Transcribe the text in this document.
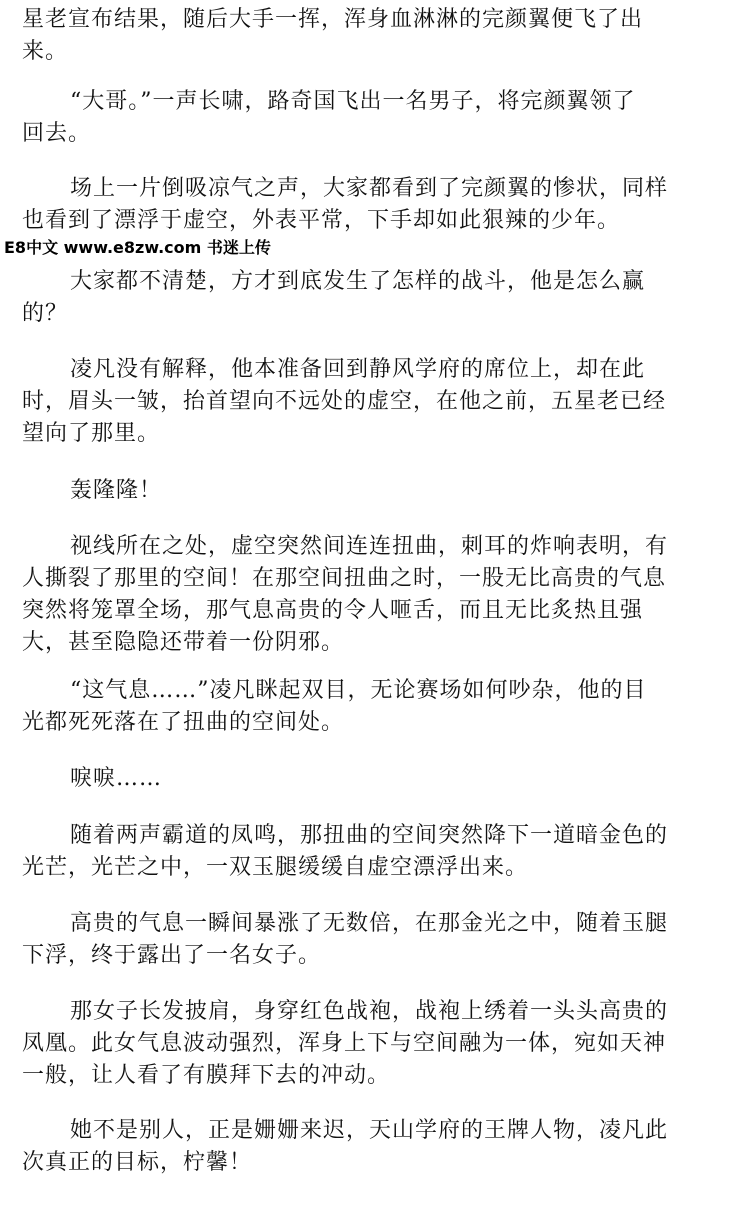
星老宣布结果，随后大手一挥，浑身血淋淋的完颜翼便飞了出
来。
“大哥。”一声长啸，路奇国飞出一名男子，将完颜翼领了
回去。
场上一片倒吸凉气之声，大家都看到了完颜翼的惨状，同样
也看到了漂浮于虚空，外表平常，下手却如此狠辣的少年。
E8中文 www.e8zw.com 书迷上传
大家都不清楚，方才到底发生了怎样的战斗，他是怎么赢
的？
凌凡没有解释，他本准备回到静风学府的席位上，却在此
时，眉头一皱，抬首望向不远处的虚空，在他之前，五星老已经
望向了那里。
轰隆隆！
视线所在之处，虚空突然间连连扭曲，刺耳的炸响表明，有
人撕裂了那里的空间！在那空间扭曲之时，一股无比高贵的气息
突然将笼罩全场，那气息高贵的令人咂舌，而且无比炙热且强
大，甚至隐隐还带着一份阴邪。
“这气息……”凌凡眯起双目，无论赛场如何吵杂，他的目
光都死死落在了扭曲的空间处。
唳唳……
随着两声霸道的凤鸣，那扭曲的空间突然降下一道暗金色的
光芒，光芒之中，一双玉腿缓缓自虚空漂浮出来。
高贵的气息一瞬间暴涨了无数倍，在那金光之中，随着玉腿
下浮，终于露出了一名女子。
那女子长发披肩，身穿红色战袍，战袍上绣着一头头高贵的
凤凰。此女气息波动强烈，浑身上下与空间融为一体，宛如天神
一般，让人看了有膜拜下去的冲动。
她不是别人，正是姗姗来迟，天山学府的王牌人物，凌凡此
次真正的目标，柠馨！
